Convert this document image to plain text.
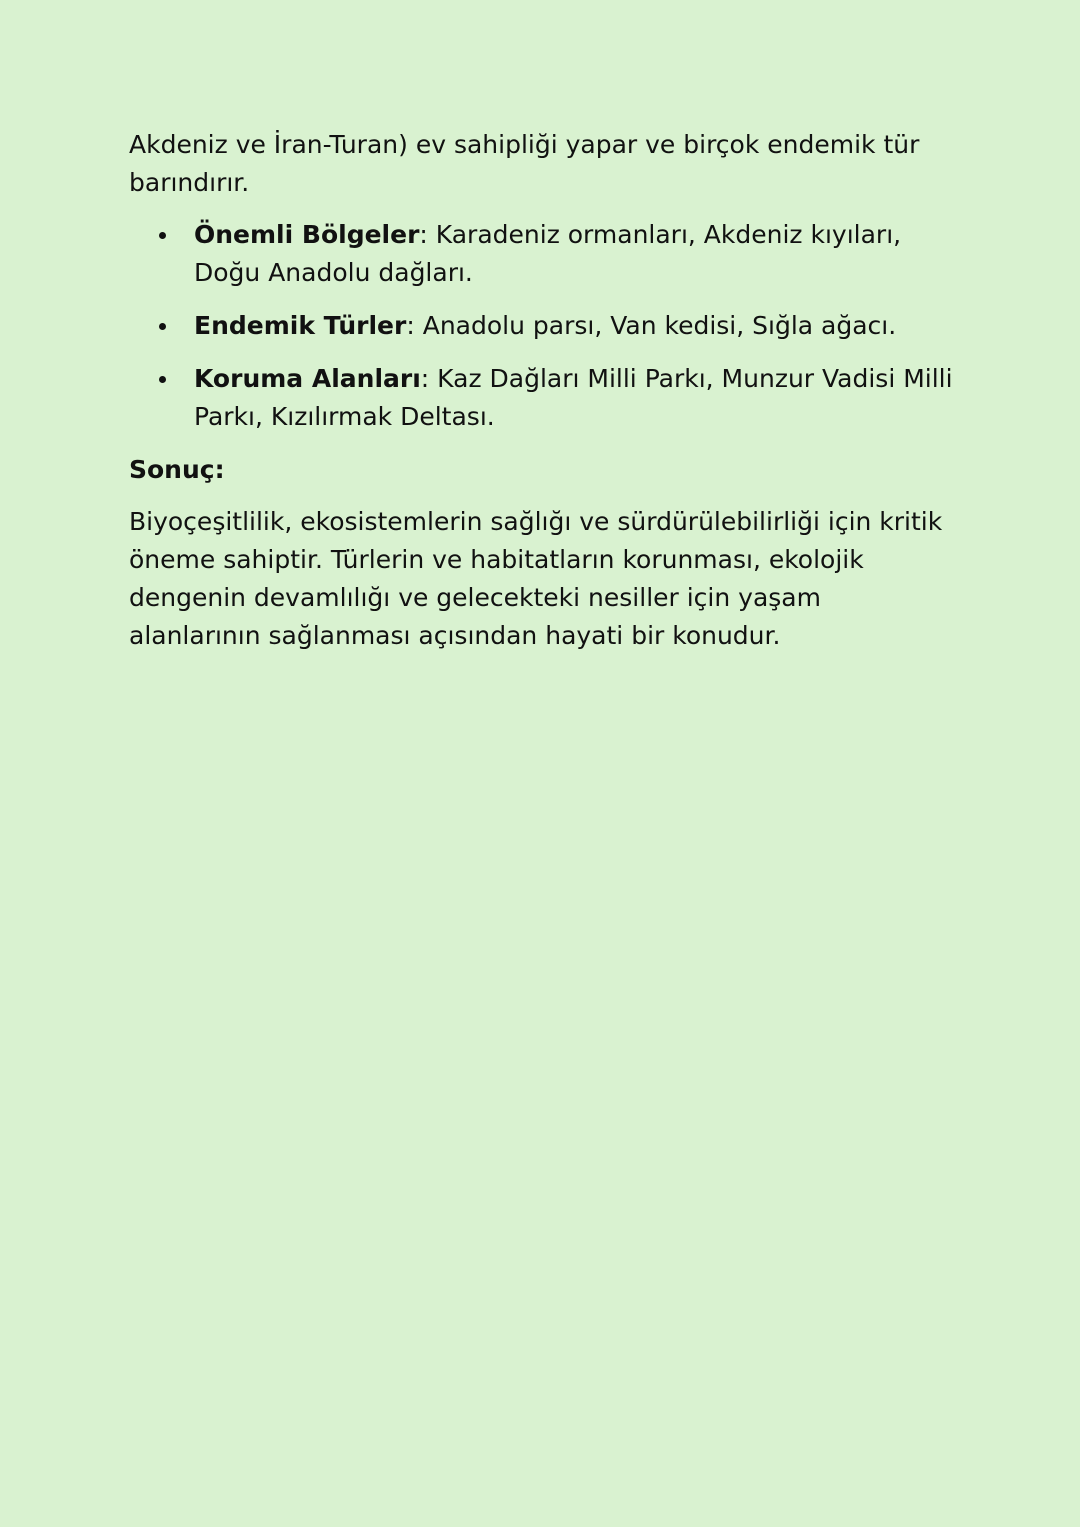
Akdeniz ve İran-Turan) ev sahipliği yapar ve birçok endemik tür barındırır.

Önemli Bölgeler: Karadeniz ormanları, Akdeniz kıyıları, Doğu Anadolu dağları.
Endemik Türler: Anadolu parsı, Van kedisi, Sığla ağacı.
Koruma Alanları: Kaz Dağları Milli Parkı, Munzur Vadisi Milli Parkı, Kızılırmak Deltası.
Sonuç:

Biyoçeşitlilik, ekosistemlerin sağlığı ve sürdürülebilirliği için kritik öneme sahiptir. Türlerin ve habitatların korunması, ekolojik dengenin devamlılığı ve gelecekteki nesiller için yaşam alanlarının sağlanması açısından hayati bir konudur.
